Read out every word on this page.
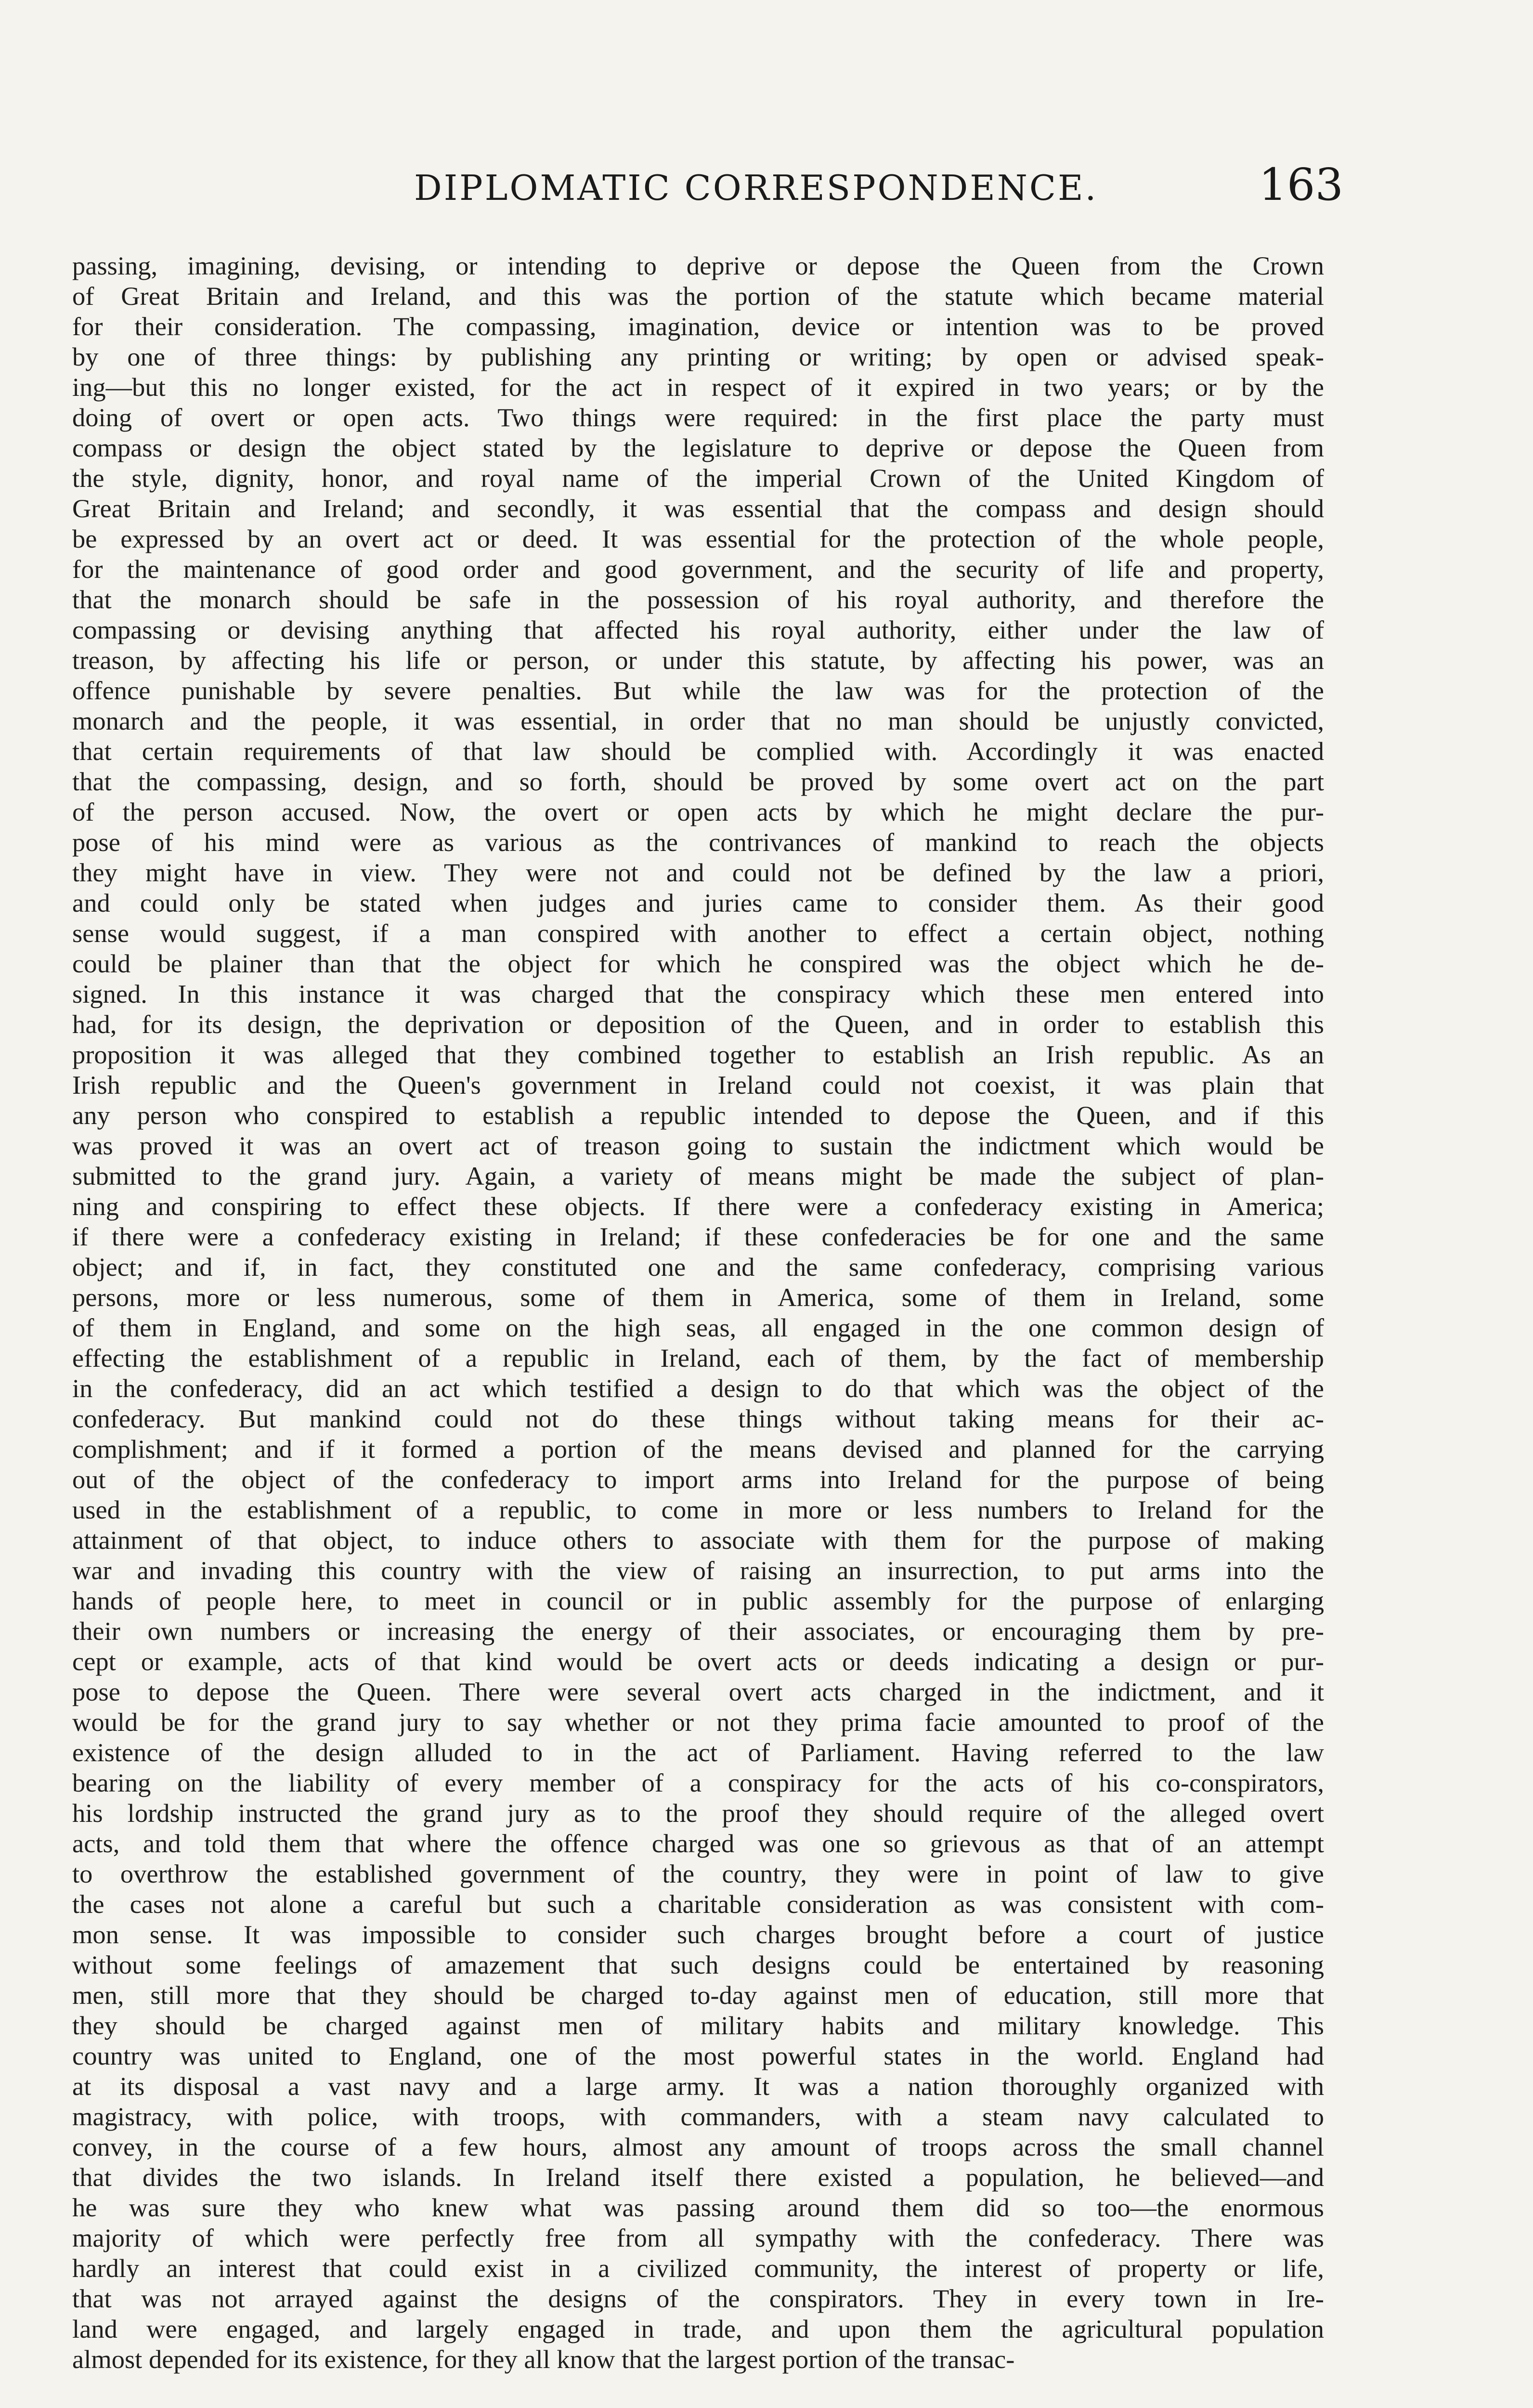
DIPLOMATIC CORRESPONDENCE.	163
passing, imagining, devising, or intending to deprive or depose the Queen from the Crown
of Great Britain and Ireland, and this was the portion of the statute which became material
for their consideration. The compassing, imagination, device or intention was to be proved
by one of three things: by publishing any printing or writing; by open or advised speak-
ing—but this no longer existed, for the act in respect of it expired in two years; or by the
doing of overt or open acts. Two things were required: in the first place the party must
compass or design the object stated by the legislature to deprive or depose the Queen from
the style, dignity, honor, and royal name of the imperial Crown of the United Kingdom of
Great Britain and Ireland; and secondly, it was essential that the compass and design should
be expressed by an overt act or deed. It was essential for the protection of the whole people,
for the maintenance of good order and good government, and the security of life and property,
that the monarch should be safe in the possession of his royal authority, and therefore the
compassing or devising anything that affected his royal authority, either under the law of
treason, by affecting his life or person, or under this statute, by affecting his power, was an
offence punishable by severe penalties. But while the law was for the protection of the
monarch and the people, it was essential, in order that no man should be unjustly convicted,
that certain requirements of that law should be complied with. Accordingly it was enacted
that the compassing, design, and so forth, should be proved by some overt act on the part
of the person accused. Now, the overt or open acts by which he might declare the pur-
pose of his mind were as various as the contrivances of mankind to reach the objects
they might have in view. They were not and could not be defined by the law a priori,
and could only be stated when judges and juries came to consider them. As their good
sense would suggest, if a man conspired with another to effect a certain object, nothing
could be plainer than that the object for which he conspired was the object which he de-
signed. In this instance it was charged that the conspiracy which these men entered into
had, for its design, the deprivation or deposition of the Queen, and in order to establish this
proposition it was alleged that they combined together to establish an Irish republic. As an
Irish republic and the Queen's government in Ireland could not coexist, it was plain that
any person who conspired to establish a republic intended to depose the Queen, and if this
was proved it was an overt act of treason going to sustain the indictment which would be
submitted to the grand jury. Again, a variety of means might be made the subject of plan-
ning and conspiring to effect these objects. If there were a confederacy existing in America;
if there were a confederacy existing in Ireland; if these confederacies be for one and the same
object; and if, in fact, they constituted one and the same confederacy, comprising various
persons, more or less numerous, some of them in America, some of them in Ireland, some
of them in England, and some on the high seas, all engaged in the one common design of
effecting the establishment of a republic in Ireland, each of them, by the fact of membership
in the confederacy, did an act which testified a design to do that which was the object of the
confederacy. But mankind could not do these things without taking means for their ac-
complishment; and if it formed a portion of the means devised and planned for the carrying
out of the object of the confederacy to import arms into Ireland for the purpose of being
used in the establishment of a republic, to come in more or less numbers to Ireland for the
attainment of that object, to induce others to associate with them for the purpose of making
war and invading this country with the view of raising an insurrection, to put arms into the
hands of people here, to meet in council or in public assembly for the purpose of enlarging
their own numbers or increasing the energy of their associates, or encouraging them by pre-
cept or example, acts of that kind would be overt acts or deeds indicating a design or pur-
pose to depose the Queen. There were several overt acts charged in the indictment, and it
would be for the grand jury to say whether or not they prima facie amounted to proof of the
existence of the design alluded to in the act of Parliament. Having referred to the law
bearing on the liability of every member of a conspiracy for the acts of his co-conspirators,
his lordship instructed the grand jury as to the proof they should require of the alleged overt
acts, and told them that where the offence charged was one so grievous as that of an attempt
to overthrow the established government of the country, they were in point of law to give
the cases not alone a careful but such a charitable consideration as was consistent with com-
mon sense. It was impossible to consider such charges brought before a court of justice
without some feelings of amazement that such designs could be entertained by reasoning
men, still more that they should be charged to-day against men of education, still more that
they should be charged against men of military habits and military knowledge. This
country was united to England, one of the most powerful states in the world. England had
at its disposal a vast navy and a large army. It was a nation thoroughly organized with
magistracy, with police, with troops, with commanders, with a steam navy calculated to
convey, in the course of a few hours, almost any amount of troops across the small channel
that divides the two islands. In Ireland itself there existed a population, he believed—and
he was sure they who knew what was passing around them did so too—the enormous
majority of which were perfectly free from all sympathy with the confederacy. There was
hardly an interest that could exist in a civilized community, the interest of property or life,
that was not arrayed against the designs of the conspirators. They in every town in Ire-
land were engaged, and largely engaged in trade, and upon them the agricultural population
almost depended for its existence, for they all know that the largest portion of the transac-
